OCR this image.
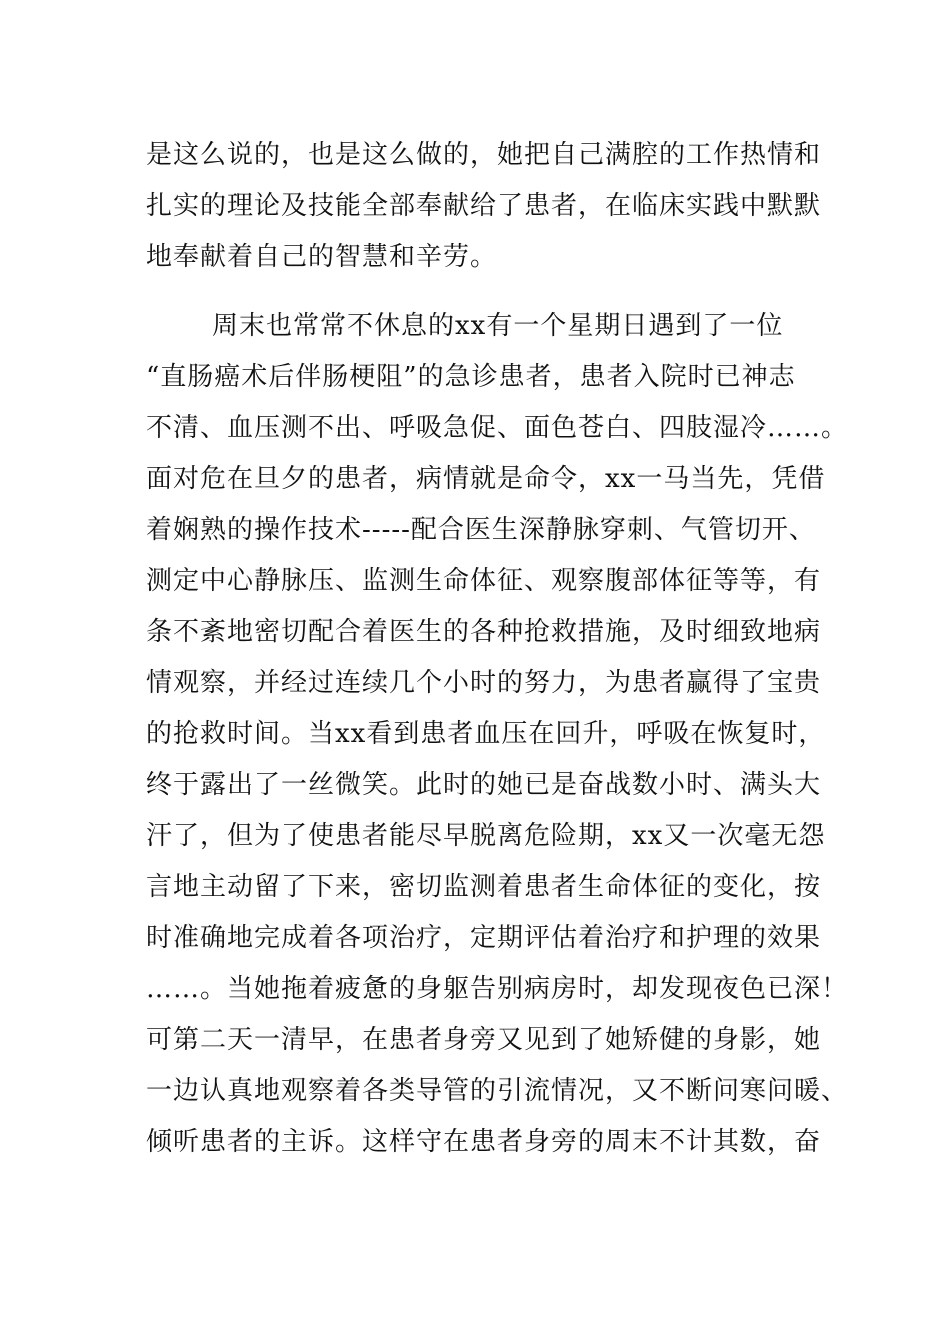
是这么说的，也是这么做的，她把自己满腔的工作热情和
扎实的理论及技能全部奉献给了患者，在临床实践中默默
地奉献着自己的智慧和辛劳。
周末也常常不休息的xx有一个星期日遇到了一位
“直肠癌术后伴肠梗阻”的急诊患者，患者入院时已神志
不清、血压测不出、呼吸急促、面色苍白、四肢湿冷……。
面对危在旦夕的患者，病情就是命令，xx一马当先，凭借
着娴熟的操作技术-----配合医生深静脉穿刺、气管切开、
测定中心静脉压、监测生命体征、观察腹部体征等等，有
条不紊地密切配合着医生的各种抢救措施，及时细致地病
情观察，并经过连续几个小时的努力，为患者赢得了宝贵
的抢救时间。当xx看到患者血压在回升，呼吸在恢复时，
终于露出了一丝微笑。此时的她已是奋战数小时、满头大
汗了，但为了使患者能尽早脱离危险期，xx又一次毫无怨
言地主动留了下来，密切监测着患者生命体征的变化，按
时准确地完成着各项治疗，定期评估着治疗和护理的效果
……。当她拖着疲惫的身躯告别病房时，却发现夜色已深！
可第二天一清早，在患者身旁又见到了她矫健的身影，她
一边认真地观察着各类导管的引流情况，又不断问寒问暖、
倾听患者的主诉。这样守在患者身旁的周末不计其数，奋
